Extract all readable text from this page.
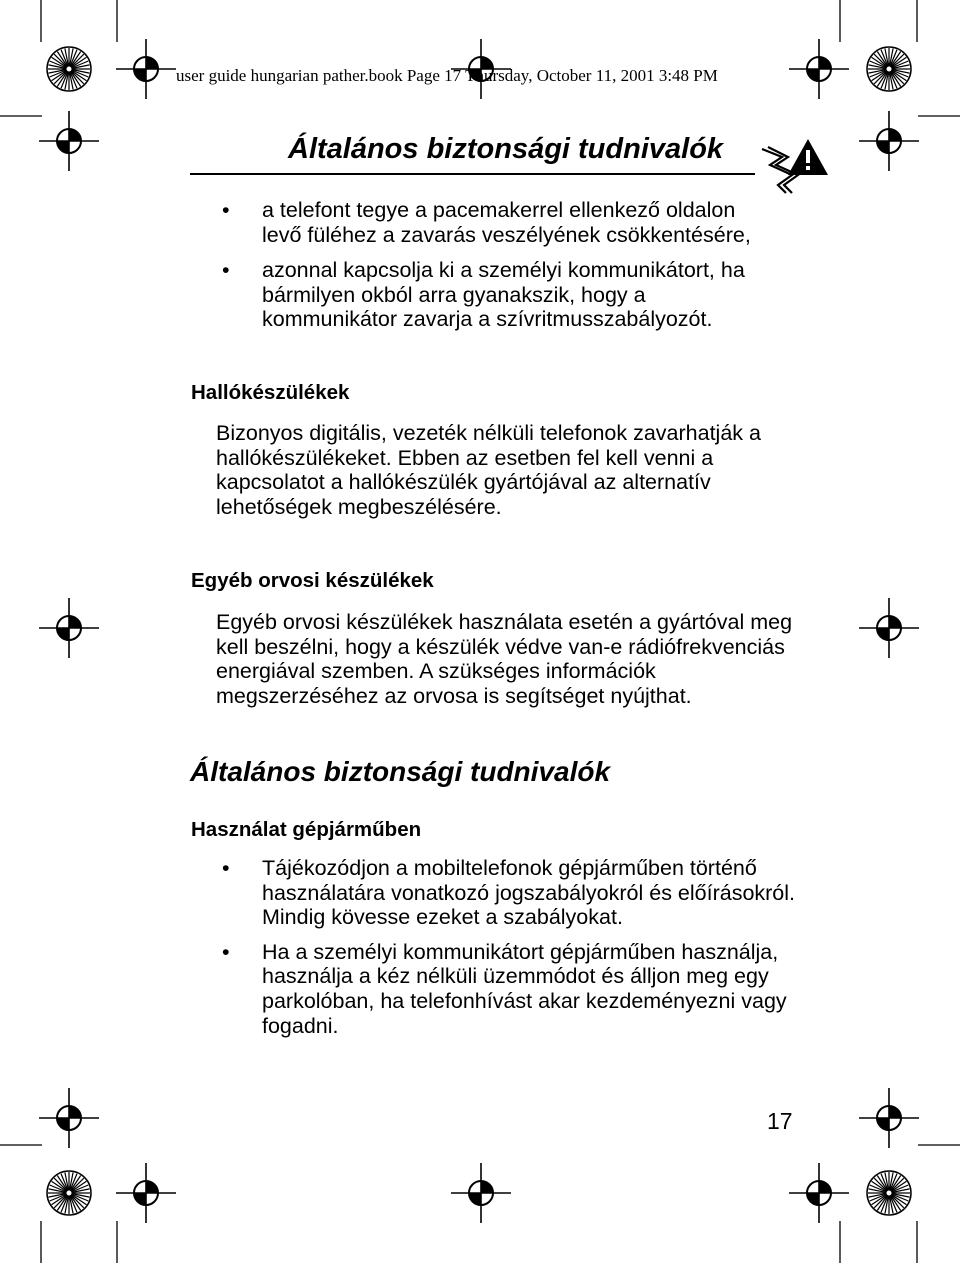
user guide hungarian pather.book Page 17 Thursday, October 11, 2001 3:48 PM
Általános biztonsági tudnivalók
• a telefont tegye a pacemakerrel ellenkező oldalon levő füléhez a zavarás veszélyének csökkentésére,
• azonnal kapcsolja ki a személyi kommunikátort, ha bármilyen okból arra gyanakszik, hogy a kommunikátor zavarja a szívritmusszabályozót.
Hallókészülékek
Bizonyos digitális, vezeték nélküli telefonok zavarhatják a hallókészülékeket. Ebben az esetben fel kell venni a kapcsolatot a hallókészülék gyártójával az alternatív lehetőségek megbeszélésére.
Egyéb orvosi készülékek
Egyéb orvosi készülékek használata esetén a gyártóval meg kell beszélni, hogy a készülék védve van-e rádiófrekvenciás energiával szemben. A szükséges információk megszerzéséhez az orvosa is segítséget nyújthat.
Általános biztonsági tudnivalók
Használat gépjárműben
• Tájékozódjon a mobiltelefonok gépjárműben történő használatára vonatkozó jogszabályokról és előírásokról. Mindig kövesse ezeket a szabályokat.
• Ha a személyi kommunikátort gépjárműben használja, használja a kéz nélküli üzemmódot és álljon meg egy parkolóban, ha telefonhívást akar kezdeményezni vagy fogadni.
17
